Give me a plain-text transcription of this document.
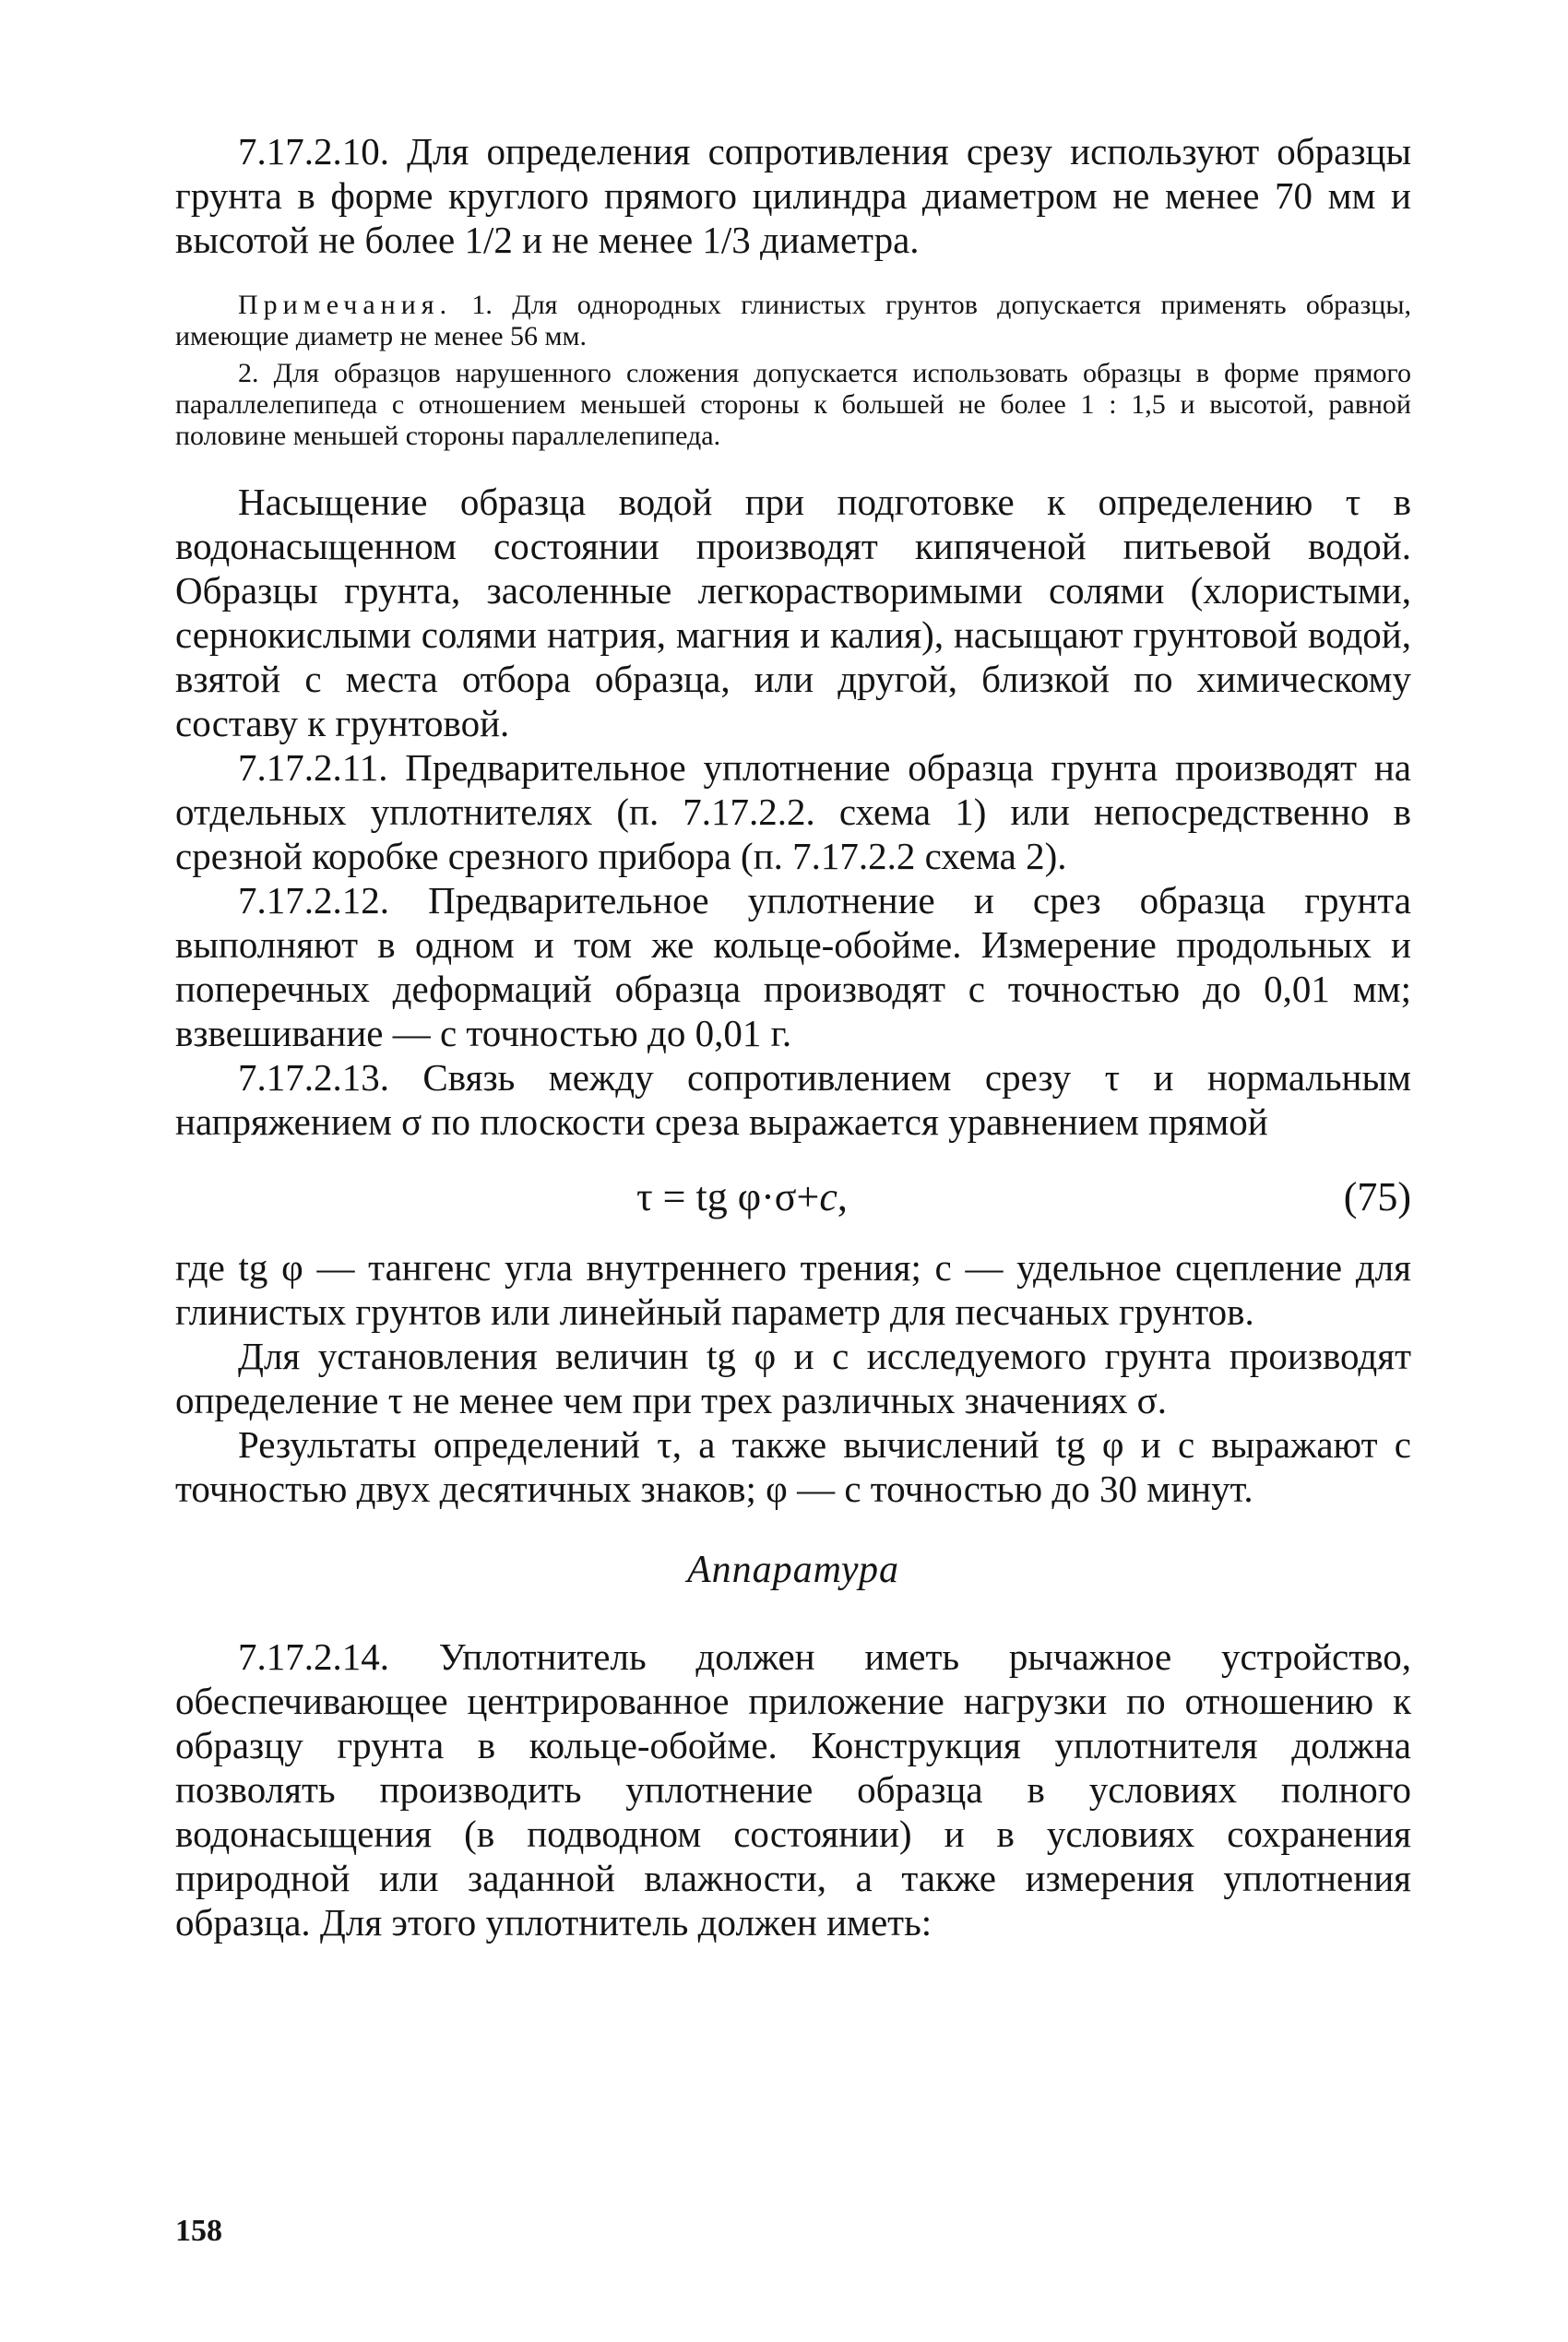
7.17.2.10. Для определения сопротивления срезу используют образцы грунта в форме круглого прямого цилиндра диаметром не менее 70 мм и высотой не более 1/2 и не менее 1/3 диаметра.

Примечания. 1. Для однородных глинистых грунтов допускается применять образцы, имеющие диаметр не менее 56 мм.

2. Для образцов нарушенного сложения допускается использовать образцы в форме прямого параллелепипеда с отношением меньшей стороны к большей не более 1 : 1,5 и высотой, равной половине меньшей стороны параллелепипеда.

Насыщение образца водой при подготовке к определению τ в водонасыщенном состоянии производят кипяченой питьевой водой. Образцы грунта, засоленные легкорастворимыми солями (хлористыми, сернокислыми солями натрия, магния и калия), насыщают грунтовой водой, взятой с места отбора образца, или другой, близкой по химическому составу к грунтовой.

7.17.2.11. Предварительное уплотнение образца грунта производят на отдельных уплотнителях (п. 7.17.2.2. схема 1) или непосредственно в срезной коробке срезного прибора (п. 7.17.2.2 схема 2).

7.17.2.12. Предварительное уплотнение и срез образца грунта выполняют в одном и том же кольце-обойме. Измерение продольных и поперечных деформаций образца производят с точностью до 0,01 мм; взвешивание — с точностью до 0,01 г.

7.17.2.13. Связь между сопротивлением срезу τ и нормальным напряжением σ по плоскости среза выражается уравнением прямой

τ = tg φ·σ+c,	(75)

где tg φ — тангенс угла внутреннего трения; c — удельное сцепление для глинистых грунтов или линейный параметр для песчаных грунтов.

Для установления величин tg φ и c исследуемого грунта производят определение τ не менее чем при трех различных значениях σ.

Результаты определений τ, а также вычислений tg φ и c выражают с точностью двух десятичных знаков; φ — с точностью до 30 минут.

Аппаратура

7.17.2.14. Уплотнитель должен иметь рычажное устройство, обеспечивающее центрированное приложение нагрузки по отношению к образцу грунта в кольце-обойме. Конструкция уплотнителя должна позволять производить уплотнение образца в условиях полного водонасыщения (в подводном состоянии) и в условиях сохранения природной или заданной влажности, а также измерения уплотнения образца. Для этого уплотнитель должен иметь:

158
